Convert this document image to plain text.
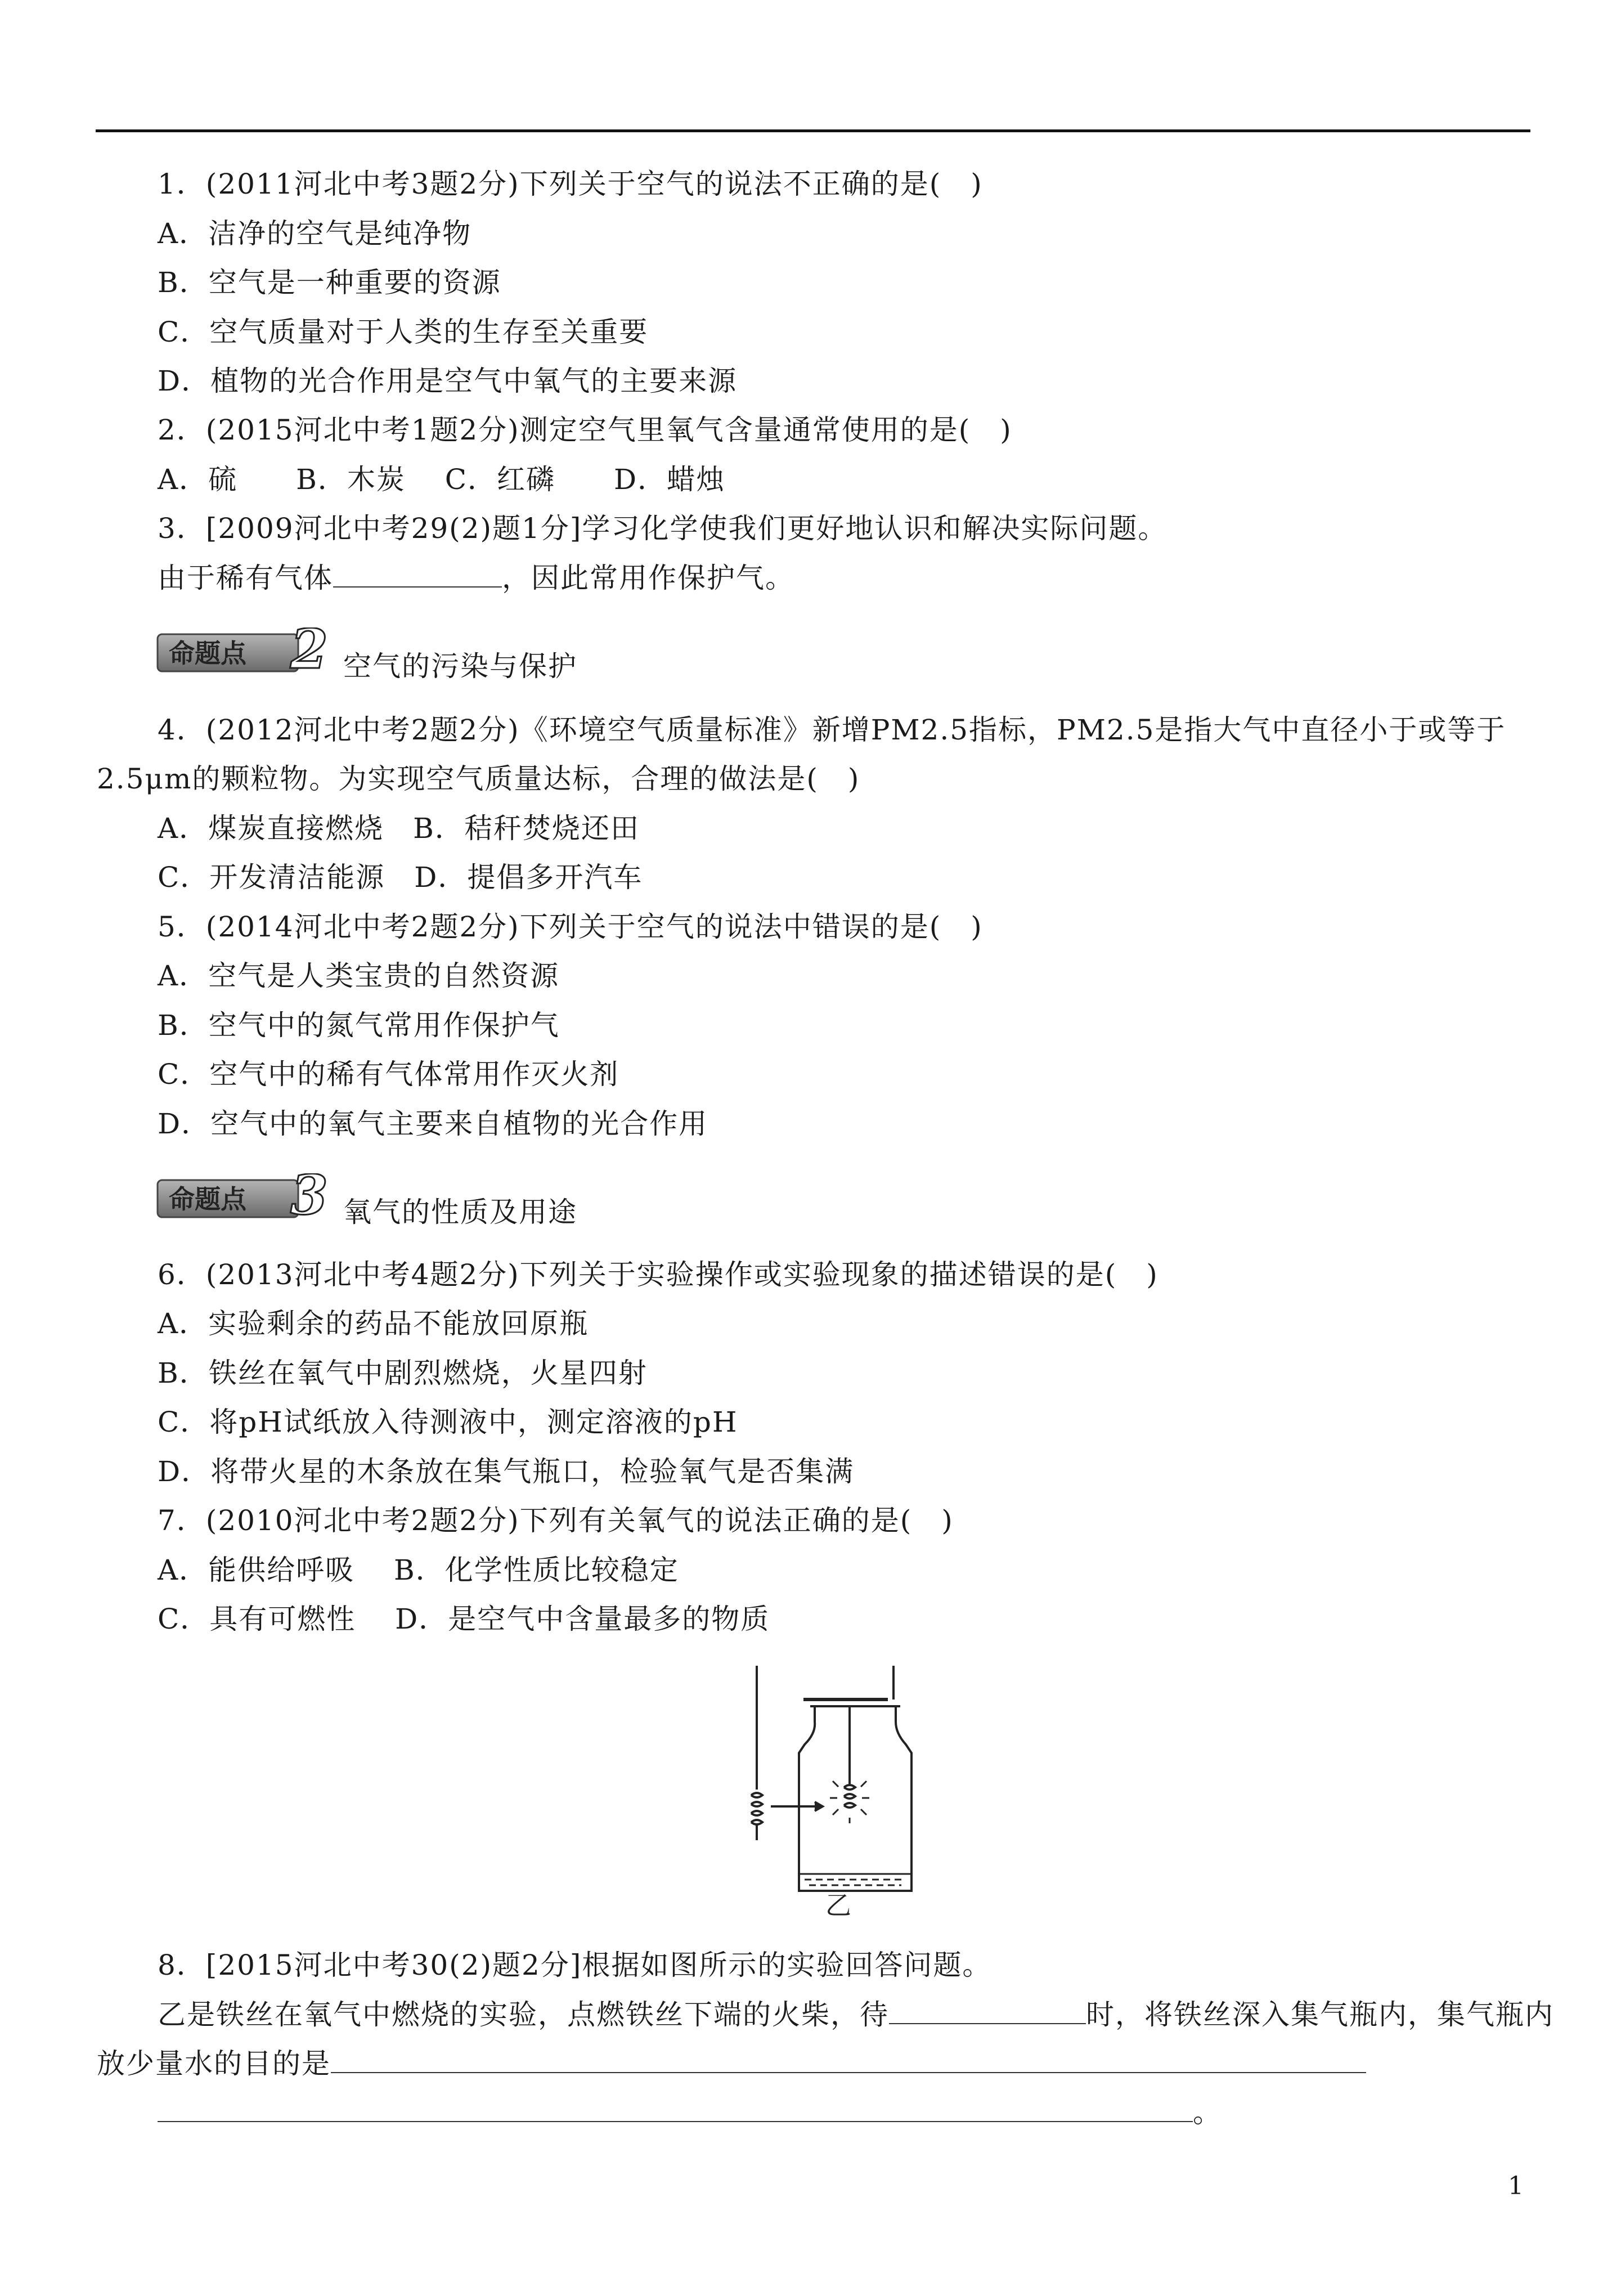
1．(2011河北中考3题2分)下列关于空气的说法不正确的是(　)
A．洁净的空气是纯净物
B．空气是一种重要的资源
C．空气质量对于人类的生存至关重要
D．植物的光合作用是空气中氧气的主要来源
2．(2015河北中考1题2分)测定空气里氧气含量通常使用的是(　)
A．硫　　B．木炭　 C．红磷　　D．蜡烛
3．[2009河北中考29(2)题1分]学习化学使我们更好地认识和解决实际问题。
由于稀有气体	，因此常用作保护气。
命题点 2 空气的污染与保护
4．(2012河北中考2题2分)《环境空气质量标准》新增PM2.5指标，PM2.5是指大气中直径小于或等于
2.5μm的颗粒物。为实现空气质量达标，合理的做法是(　)
A．煤炭直接燃烧　B．秸秆焚烧还田
C．开发清洁能源　D．提倡多开汽车
5．(2014河北中考2题2分)下列关于空气的说法中错误的是(　)
A．空气是人类宝贵的自然资源
B．空气中的氮气常用作保护气
C．空气中的稀有气体常用作灭火剂
D．空气中的氧气主要来自植物的光合作用
命题点 3 氧气的性质及用途
6．(2013河北中考4题2分)下列关于实验操作或实验现象的描述错误的是(　)
A．实验剩余的药品不能放回原瓶
B．铁丝在氧气中剧烈燃烧，火星四射
C．将pH试纸放入待测液中，测定溶液的pH
D．将带火星的木条放在集气瓶口，检验氧气是否集满
7．(2010河北中考2题2分)下列有关氧气的说法正确的是(　)
A．能供给呼吸　 B．化学性质比较稳定
C．具有可燃性　 D．是空气中含量最多的物质
乙
8．[2015河北中考30(2)题2分]根据如图所示的实验回答问题。
乙是铁丝在氧气中燃烧的实验，点燃铁丝下端的火柴，待	时，将铁丝深入集气瓶内，集气瓶内
放少量水的目的是
。
1
